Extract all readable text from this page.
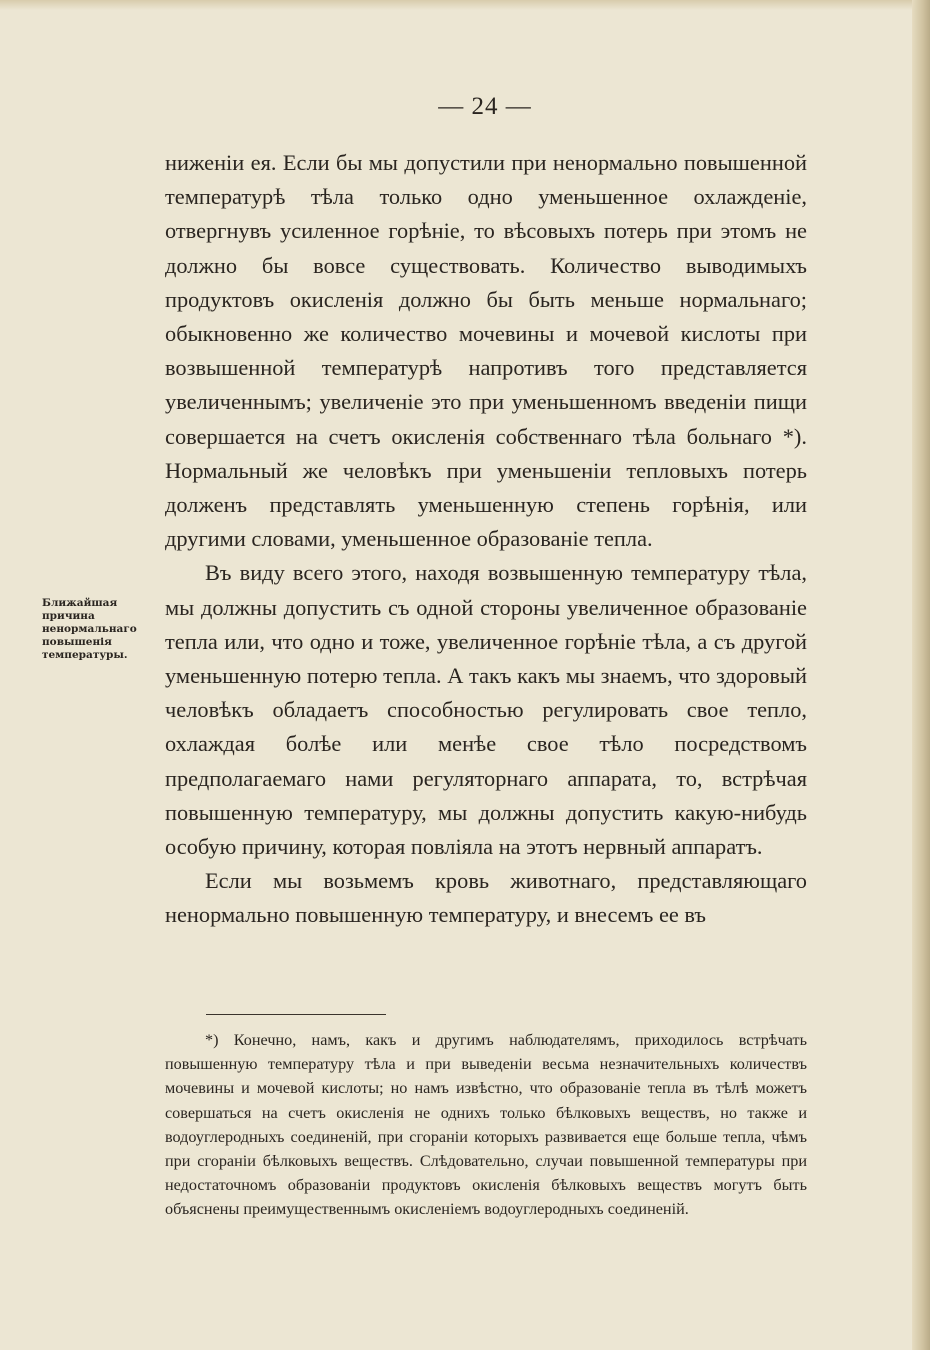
— 24 —

ниженіи ея. Если бы мы допустили при ненормально повышенной температурѣ тѣла только одно уменьшенное охлажденіе, отвергнувъ усиленное горѣніе, то вѣсовыхъ потерь при этомъ не должно бы вовсе существовать. Количество выводимыхъ продуктовъ окисленія должно бы быть меньше нормальнаго; обыкновенно же количество мочевины и мочевой кислоты при возвышенной температурѣ напротивъ того представляется увеличеннымъ; увеличеніе это при уменьшенномъ введеніи пищи совершается на счетъ окисленія собственнаго тѣла больнаго *). Нормальный же человѣкъ при уменьшеніи тепловыхъ потерь долженъ представлять уменьшенную степень горѣнія, или другими словами, уменьшенное образованіе тепла.

Въ виду всего этого, находя возвышенную температуру тѣла, мы должны допустить съ одной стороны увеличенное образованіе тепла или, что одно и тоже, увеличенное горѣніе тѣла, а съ другой уменьшенную потерю тепла. А такъ какъ мы знаемъ, что здоровый человѣкъ обладаетъ способностью регулировать свое тепло, охлаждая болѣе или менѣе свое тѣло посредствомъ предполагаемаго нами регуляторнаго аппарата, то, встрѣчая повышенную температуру, мы должны допустить какую-нибудь особую причину, которая повліяла на этотъ нервный аппаратъ.

Если мы возьмемъ кровь животнаго, представляющаго ненормально повышенную температуру, и внесемъ ее въ

Ближайшая причина ненормальнаго повышенія температуры.

*) Конечно, намъ, какъ и другимъ наблюдателямъ, приходилось встрѣчать повышенную температуру тѣла и при выведеніи весьма незначительныхъ количествъ мочевины и мочевой кислоты; но намъ извѣстно, что образованіе тепла въ тѣлѣ можетъ совершаться на счетъ окисленія не однихъ только бѣлковыхъ веществъ, но также и водоуглеродныхъ соединеній, при сгораніи которыхъ развивается еще больше тепла, чѣмъ при сгораніи бѣлковыхъ веществъ. Слѣдовательно, случаи повышенной температуры при недостаточномъ образованіи продуктовъ окисленія бѣлковыхъ веществъ могутъ быть объяснены преимущественнымъ окисленіемъ водоуглеродныхъ соединеній.
